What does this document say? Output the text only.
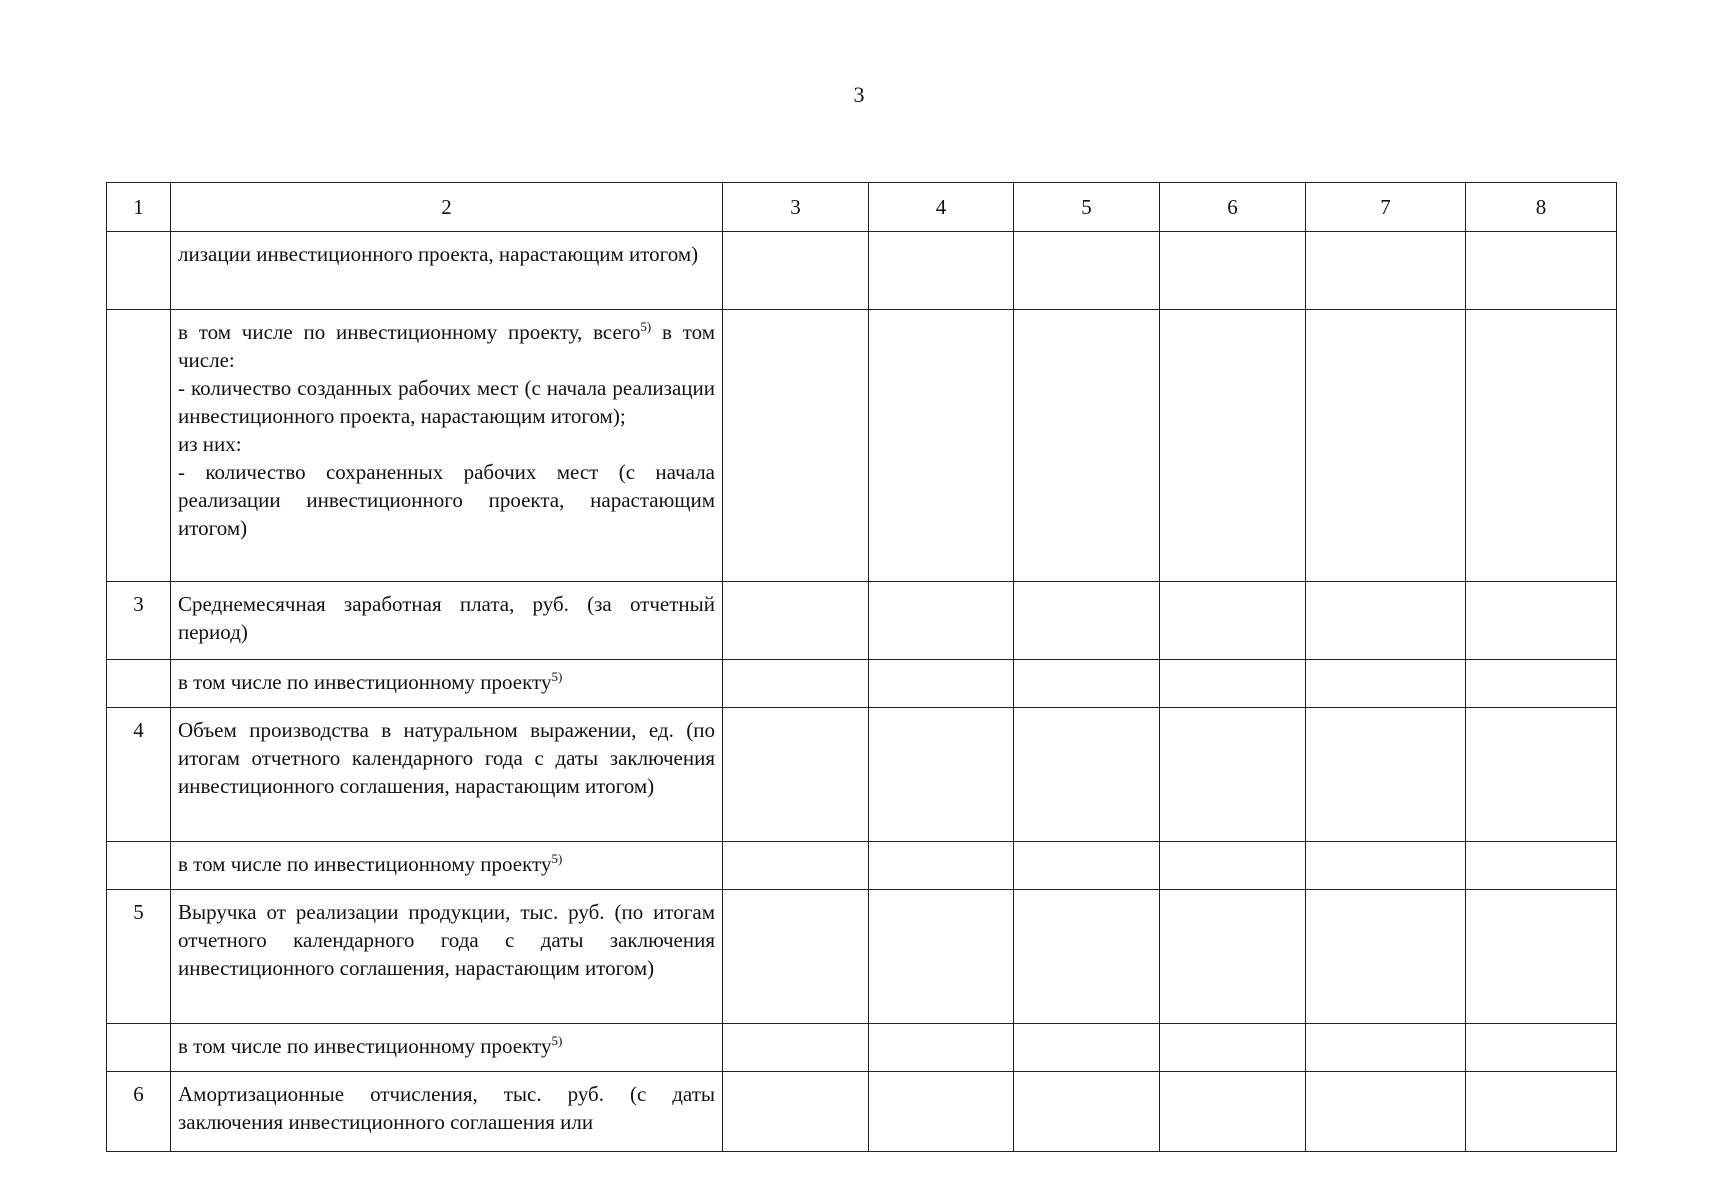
3
1	2	3	4	5	6	7	8

	лизации инвестиционного проекта, нарастающим итогом)						

	в том числе по инвестиционному проекту, всего$^{5)}$ в том числе:
- количество созданных рабочих мест (с начала реализации инвестиционного проекта, нарастающим итогом);
из них:
- количество сохраненных рабочих мест (с начала реализации инвестиционного проекта, нарастающим итогом)						

3	Среднемесячная заработная плата, руб. (за отчетный период)						

	в том числе по инвестиционному проекту$^{5)}$

4	Объем производства в натуральном выражении, ед. (по итогам отчетного календарного года с даты заключения инвестиционного соглашения, нарастающим итогом)						

	в том числе по инвестиционному проекту$^{5)}$

5	Выручка от реализации продукции, тыс. руб. (по итогам отчетного календарного года с даты заключения инвестиционного соглашения, нарастающим итогом)						

	в том числе по инвестиционному проекту$^{5)}$

6	Амортизационные отчисления, тыс. руб. (с даты заключения инвестиционного соглашения или						
